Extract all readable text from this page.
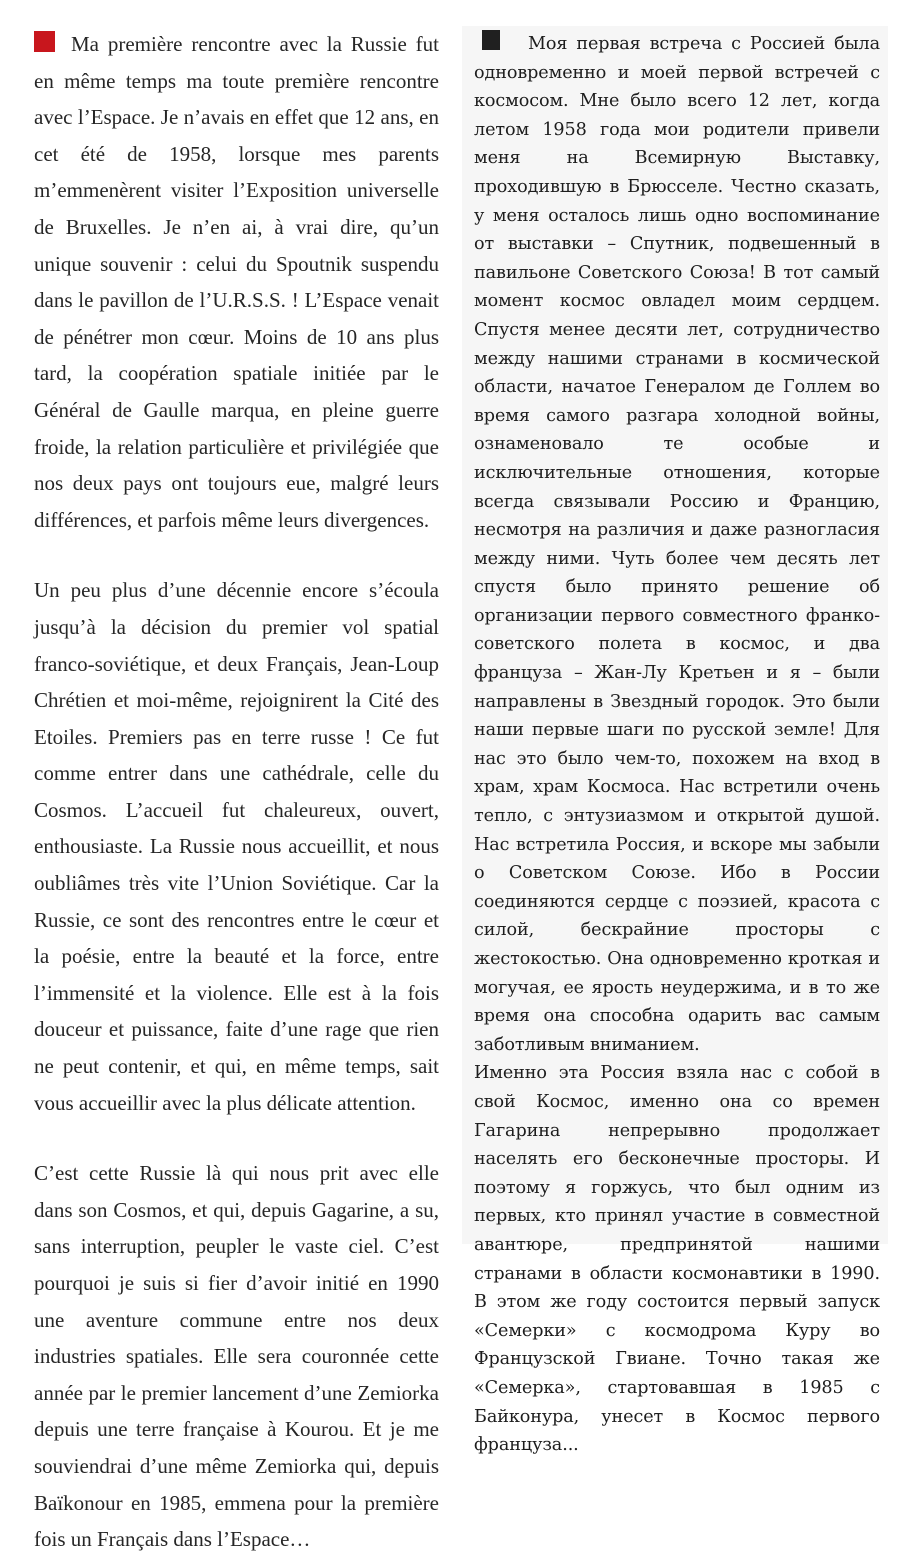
Ma première rencontre avec la Russie fut en même temps ma toute première rencontre avec l’Espace. Je n’avais en effet que 12 ans, en cet été de 1958, lorsque mes parents m’emmenèrent visiter l’Exposition universelle de Bruxelles. Je n’en ai, à vrai dire, qu’un unique souvenir : celui du Spoutnik suspendu dans le pavillon de l’U.R.S.S. ! L’Espace venait de pénétrer mon cœur. Moins de 10 ans plus tard, la coopération spatiale initiée par le Général de Gaulle marqua, en pleine guerre froide, la relation particulière et privilégiée que nos deux pays ont toujours eue, malgré leurs différences, et parfois même leurs divergences.

Un peu plus d’une décennie encore s’écoula jusqu’à la décision du premier vol spatial franco-soviétique, et deux Français, Jean-Loup Chrétien et moi-même, rejoignirent la Cité des Etoiles. Premiers pas en terre russe ! Ce fut comme entrer dans une cathédrale, celle du Cosmos. L’accueil fut chaleureux, ouvert, enthousiaste. La Russie nous accueillit, et nous oubliâmes très vite l’Union Soviétique. Car la Russie, ce sont des rencontres entre le cœur et la poésie, entre la beauté et la force, entre l’immensité et la violence. Elle est à la fois douceur et puissance, faite d’une rage que rien ne peut contenir, et qui, en même temps, sait vous accueillir avec la plus délicate attention.

C’est cette Russie là qui nous prit avec elle dans son Cosmos, et qui, depuis Gagarine, a su, sans interruption, peupler le vaste ciel. C’est pourquoi je suis si fier d’avoir initié en 1990 une aventure commune entre nos deux industries spatiales. Elle sera couronnée cette année par le premier lancement d’une Zemiorka depuis une terre française à Kourou. Et je me souviendrai d’une même Zemiorka qui, depuis Baïkonour en 1985, emmena pour la première fois un Français dans l’Espace…

Моя первая встреча с Россией была одновременно и моей первой встречей с космосом. Мне было всего 12 лет, когда летом 1958 года мои родители привели меня на Всемирную Выставку, проходившую в Брюсселе. Честно сказать, у меня осталось лишь одно воспоминание от выставки – Спутник, подвешенный в павильоне Советского Союза! В тот самый момент космос овладел моим сердцем. Спустя менее десяти лет, сотрудничество между нашими странами в космической области, начатое Генералом де Голлем во время самого разгара холодной войны, ознаменовало те особые и исключительные отношения, которые всегда связывали Россию и Францию, несмотря на различия и даже разногласия между ними. Чуть более чем десять лет спустя было принято решение об организации первого совместного франко-советского полета в космос, и два француза – Жан-Лу Кретьен и я – были направлены в Звездный городок. Это были наши первые шаги по русской земле! Для нас это было чем-то, похожем на вход в храм, храм Космоса. Нас встретили очень тепло, с энтузиазмом и открытой душой. Нас встретила Россия, и вскоре мы забыли о Советском Союзе. Ибо в России соединяются сердце с поэзией, красота с силой, бескрайние просторы с жестокостью. Она одновременно кроткая и могучая, ее ярость неудержима, и в то же время она способна одарить вас самым заботливым вниманием.

Именно эта Россия взяла нас с собой в свой Космос, именно она со времен Гагарина непрерывно продолжает населять его бесконечные просторы. И поэтому я горжусь, что был одним из первых, кто принял участие в совместной авантюре, предпринятой нашими странами в области космонавтики в 1990. В этом же году состоится первый запуск «Семерки» с космодрома Куру во Французской Гвиане. Точно такая же «Семерка», стартовавшая в 1985 с Байконура, унесет в Космос первого француза...
